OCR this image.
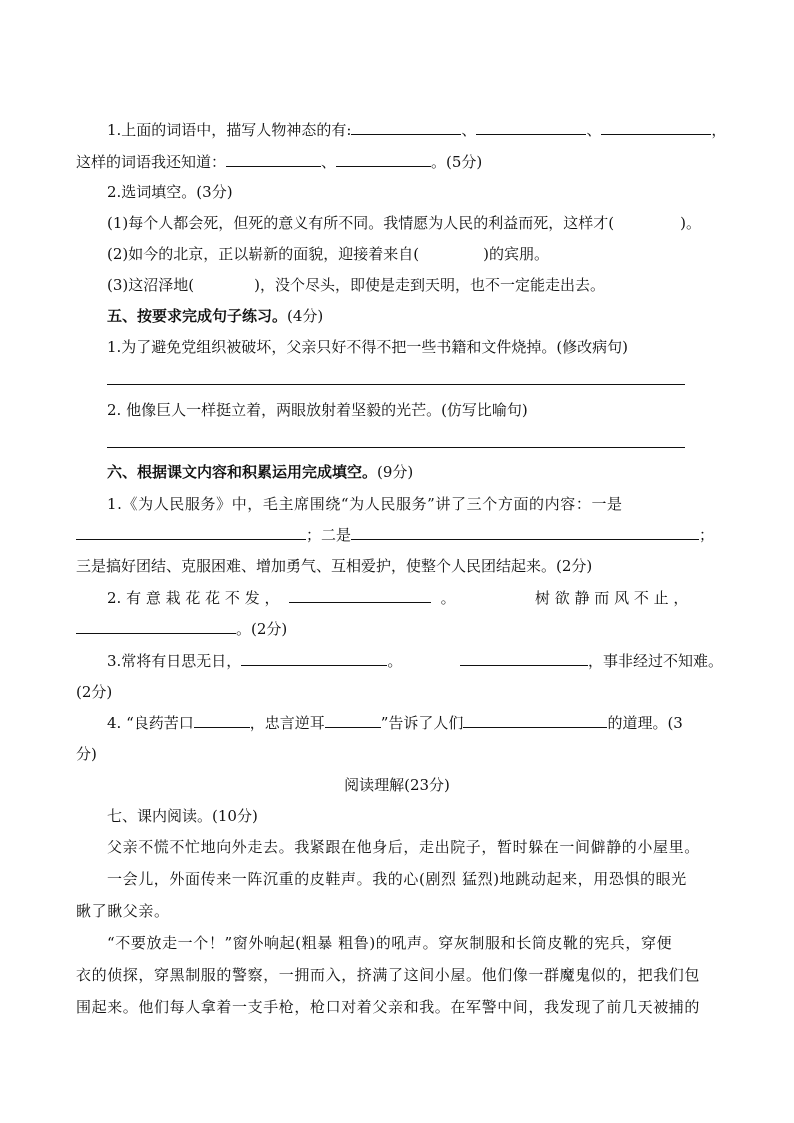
1.上面的词语中，描写人物神态的有:	、	、	，
这样的词语我还知道：	、	。(5分)
2.选词填空。(3分)
(1)每个人都会死，但死的意义有所不同。我情愿为人民的利益而死，这样才(	)。
(2)如今的北京，正以崭新的面貌，迎接着来自(	)的宾朋。
(3)这沼泽地(	)，没个尽头，即使是走到天明，也不一定能走出去。
五、按要求完成句子练习。(4分)
1.为了避免党组织被破坏，父亲只好不得不把一些书籍和文件烧掉。(修改病句)
2. 他像巨人一样挺立着，两眼放射着坚毅的光芒。(仿写比喻句)
六、根据课文内容和积累运用完成填空。(9分)
1.《为人民服务》中，毛主席围绕“为人民服务”讲了三个方面的内容：一是
；二是	；
三是搞好团结、克服困难、增加勇气、互相爱护，使整个人民团结起来。(2分)
2. 有 意 栽 花 花 不 发 ，	。	树 欲 静 而 风 不 止 ，
。(2分)
3.常将有日思无日，	。	，事非经过不知难。
(2分)
4. “良药苦口	，忠言逆耳	”告诉了人们	的道理。(3
分)
阅读理解(23分)
七、课内阅读。(10分)
父亲不慌不忙地向外走去。我紧跟在他身后，走出院子，暂时躲在一间僻静的小屋里。
一会儿，外面传来一阵沉重的皮鞋声。我的心(剧烈 猛烈)地跳动起来，用恐惧的眼光
瞅了瞅父亲。
“不要放走一个！”窗外响起(粗暴 粗鲁)的吼声。穿灰制服和长筒皮靴的宪兵，穿便
衣的侦探，穿黑制服的警察，一拥而入，挤满了这间小屋。他们像一群魔鬼似的，把我们包
围起来。他们每人拿着一支手枪，枪口对着父亲和我。在军警中间，我发现了前几天被捕的
